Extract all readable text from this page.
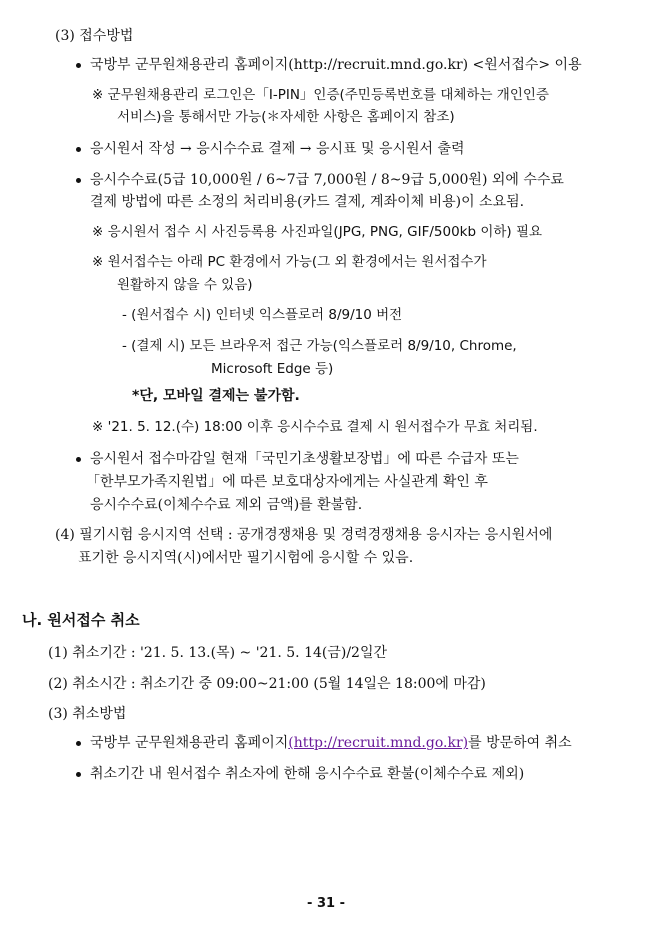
(3) 접수방법
국방부 군무원채용관리 홈페이지(http://recruit.mnd.go.kr) <원서접수> 이용
※ 군무원채용관리 로그인은「I-PIN」인증(주민등록번호를 대체하는 개인인증
서비스)을 통해서만 가능(＊자세한 사항은 홈페이지 참조)
응시원서 작성 → 응시수수료 결제 → 응시표 및 응시원서 출력
응시수수료(5급 10,000원 / 6~7급 7,000원 / 8~9급 5,000원) 외에 수수료
결제 방법에 따른 소정의 처리비용(카드 결제, 계좌이체 비용)이 소요됨.
※ 응시원서 접수 시 사진등록용 사진파일(JPG, PNG, GIF/500kb 이하) 필요
※ 원서접수는 아래 PC 환경에서 가능(그 외 환경에서는 원서접수가
원활하지 않을 수 있음)
- (원서접수 시) 인터넷 익스플로러 8/9/10 버전
- (결제 시) 모든 브라우저 접근 가능(익스플로러 8/9/10, Chrome,
Microsoft Edge 등)
*단, 모바일 결제는 불가함.
※ '21. 5. 12.(수) 18:00 이후 응시수수료 결제 시 원서접수가 무효 처리됨.
응시원서 접수마감일 현재「국민기초생활보장법」에 따른 수급자 또는
「한부모가족지원법」에 따른 보호대상자에게는 사실관계 확인 후
응시수수료(이체수수료 제외 금액)를 환불함.
(4) 필기시험 응시지역 선택 : 공개경쟁채용 및 경력경쟁채용 응시자는 응시원서에
표기한 응시지역(시)에서만 필기시험에 응시할 수 있음.
나. 원서접수 취소
(1) 취소기간 : '21. 5. 13.(목) ~ '21. 5. 14(금)/2일간
(2) 취소시간 : 취소기간 중 09:00~21:00 (5월 14일은 18:00에 마감)
(3) 취소방법
국방부 군무원채용관리 홈페이지(http://recruit.mnd.go.kr)를 방문하여 취소
취소기간 내 원서접수 취소자에 한해 응시수수료 환불(이체수수료 제외)
- 31 -
